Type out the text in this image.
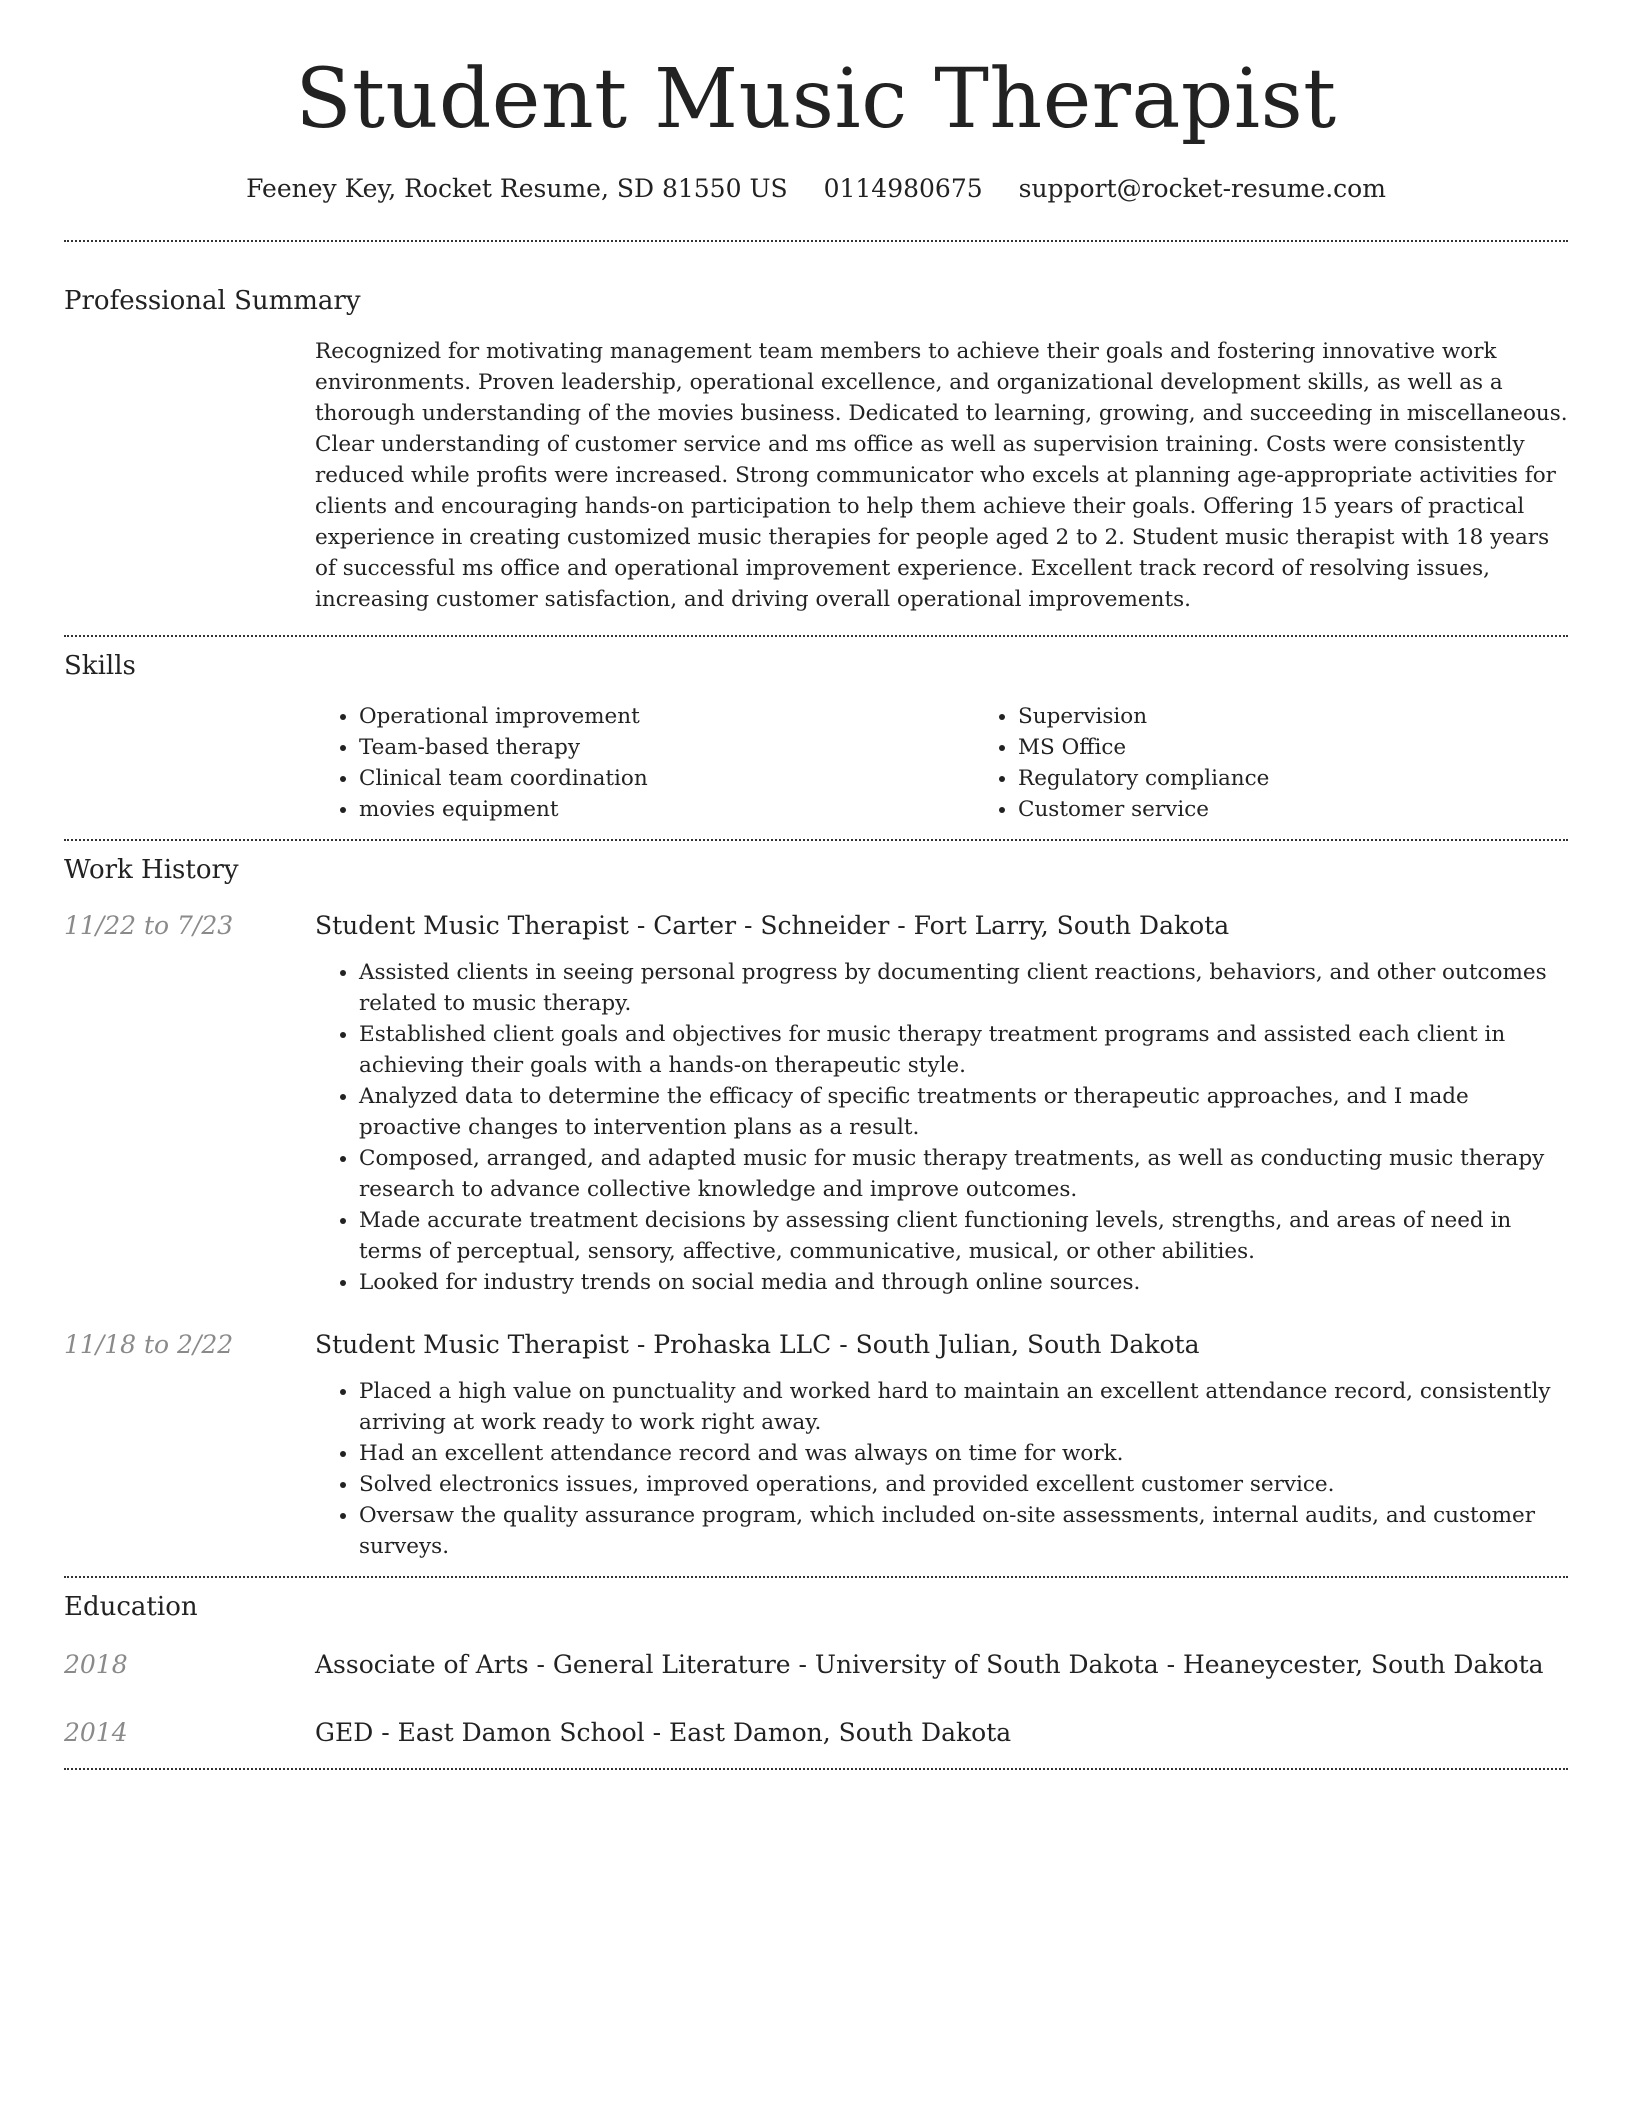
Student Music Therapist
Feeney Key, Rocket Resume, SD 81550 US 0114980675 support@rocket-resume.com
Professional Summary

Recognized for motivating management team members to achieve their goals and fostering innovative work environments. Proven leadership, operational excellence, and organizational development skills, as well as a thorough understanding of the movies business. Dedicated to learning, growing, and succeeding in miscellaneous. Clear understanding of customer service and ms office as well as supervision training. Costs were consistently reduced while profits were increased. Strong communicator who excels at planning age-appropriate activities for clients and encouraging hands-on participation to help them achieve their goals. Offering 15 years of practical experience in creating customized music therapies for people aged 2 to 2. Student music therapist with 18 years of successful ms office and operational improvement experience. Excellent track record of resolving issues, increasing customer satisfaction, and driving overall operational improvements.

Skills
• Operational improvement
• Team-based therapy
• Clinical team coordination
• movies equipment
• Supervision
• MS Office
• Regulatory compliance
• Customer service
Work History
11/22 to 7/23	Student Music Therapist - Carter - Schneider - Fort Larry, South Dakota
• Assisted clients in seeing personal progress by documenting client reactions, behaviors, and other outcomes related to music therapy.
• Established client goals and objectives for music therapy treatment programs and assisted each client in achieving their goals with a hands-on therapeutic style.
• Analyzed data to determine the efficacy of specific treatments or therapeutic approaches, and I made proactive changes to intervention plans as a result.
• Composed, arranged, and adapted music for music therapy treatments, as well as conducting music therapy research to advance collective knowledge and improve outcomes.
• Made accurate treatment decisions by assessing client functioning levels, strengths, and areas of need in terms of perceptual, sensory, affective, communicative, musical, or other abilities.
• Looked for industry trends on social media and through online sources.
11/18 to 2/22	Student Music Therapist - Prohaska LLC - South Julian, South Dakota
• Placed a high value on punctuality and worked hard to maintain an excellent attendance record, consistently arriving at work ready to work right away.
• Had an excellent attendance record and was always on time for work.
• Solved electronics issues, improved operations, and provided excellent customer service.
• Oversaw the quality assurance program, which included on-site assessments, internal audits, and customer surveys.
Education
2018	Associate of Arts - General Literature - University of South Dakota - Heaneycester, South Dakota
2014	GED - East Damon School - East Damon, South Dakota
